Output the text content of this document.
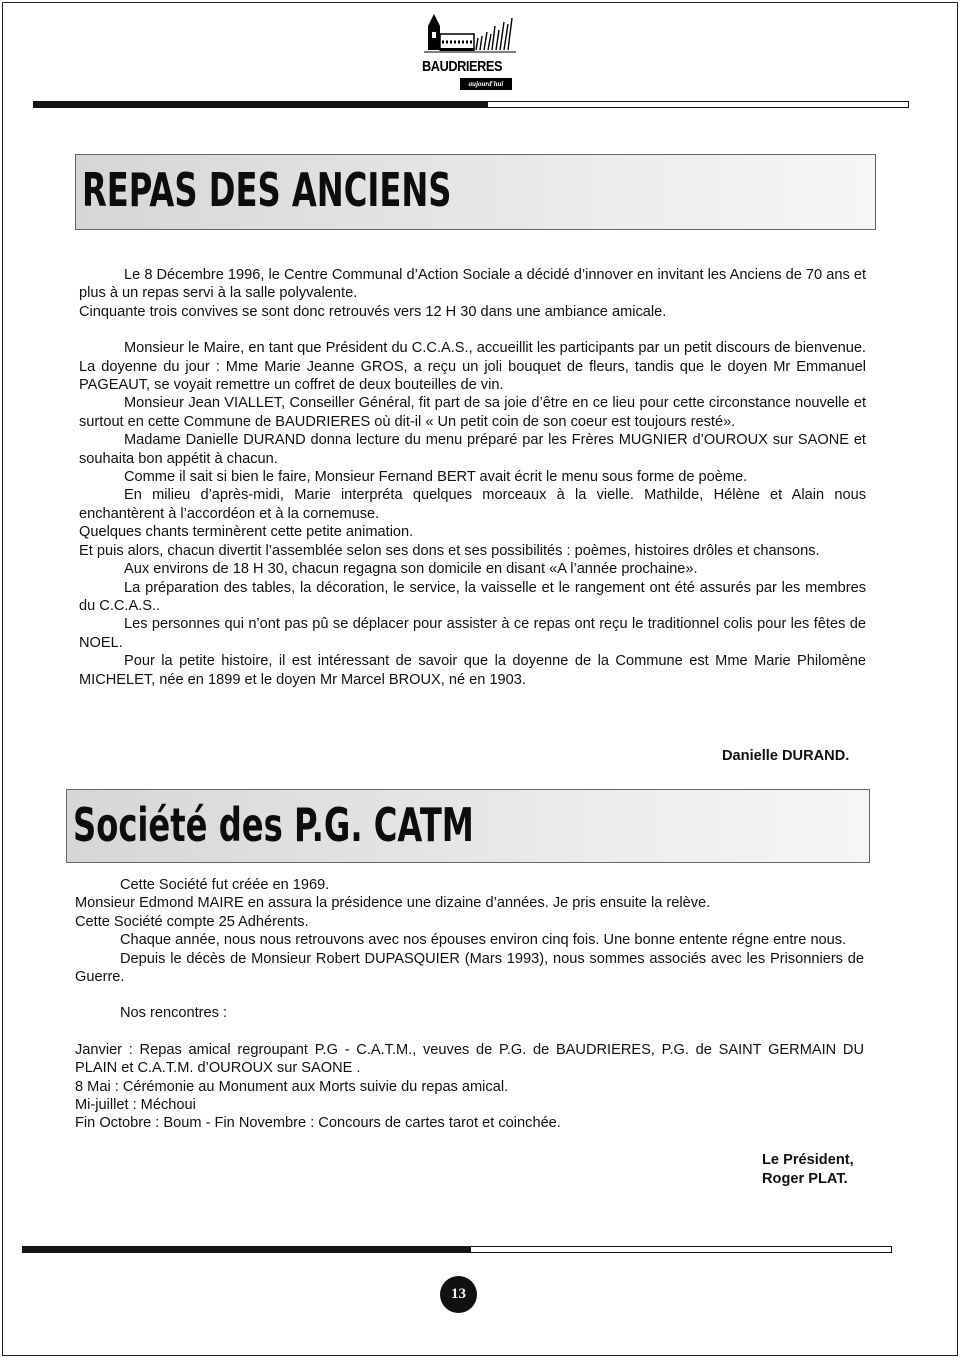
BAUDRIERES
aujourd'hui
REPAS DES ANCIENS

Le 8 Décembre 1996, le Centre Communal d’Action Sociale a décidé d’innover en invitant les Anciens de 70 ans et plus à un repas servi à la salle polyvalente.

Cinquante trois convives se sont donc retrouvés vers 12 H 30 dans une ambiance amicale.

Monsieur le Maire, en tant que Président du C.C.A.S., accueillit les participants par un petit discours de bienvenue. La doyenne du jour : Mme Marie Jeanne GROS, a reçu un joli bouquet de fleurs, tandis que le doyen Mr Emmanuel PAGEAUT, se voyait remettre un coffret de deux bouteilles de vin.

Monsieur Jean VIALLET, Conseiller Général, fit part de sa joie d’être en ce lieu pour cette circonstance nouvelle et surtout en cette Commune de BAUDRIERES où dit-il « Un petit coin de son coeur est toujours resté».

Madame Danielle DURAND donna lecture du menu préparé par les Frères MUGNIER d’OUROUX sur SAONE et souhaita bon appétit à chacun.

Comme il sait si bien le faire, Monsieur Fernand BERT avait écrit le menu sous forme de poème.

En milieu d’après-midi, Marie interpréta quelques morceaux à la vielle. Mathilde, Hélène et Alain nous enchantèrent à l’accordéon et à la cornemuse.

Quelques chants terminèrent cette petite animation.

Et puis alors, chacun divertit l’assemblée selon ses dons et ses possibilités : poèmes, histoires drôles et chansons.

Aux environs de 18 H 30, chacun regagna son domicile en disant «A l’année prochaine».

La préparation des tables, la décoration, le service, la vaisselle et le rangement ont été assurés par les membres du C.C.A.S..

Les personnes qui n’ont pas pû se déplacer pour assister à ce repas ont reçu le traditionnel colis pour les fêtes de NOEL.

Pour la petite histoire, il est intéressant de savoir que la doyenne de la Commune est Mme Marie Philomène MICHELET, née en 1899 et le doyen Mr Marcel BROUX, né en 1903.

Danielle DURAND.
Société des P.G. CATM

Cette Société fut créée en 1969.

Monsieur Edmond MAIRE en assura la présidence une dizaine d’années. Je pris ensuite la relève.

Cette Société compte 25 Adhérents.

Chaque année, nous nous retrouvons avec nos épouses environ cinq fois. Une bonne entente régne entre nous.

Depuis le décès de Monsieur Robert DUPASQUIER (Mars 1993), nous sommes associés avec les Prisonniers de Guerre.

Nos rencontres :

Janvier : Repas amical regroupant P.G - C.A.T.M., veuves de P.G. de BAUDRIERES, P.G. de SAINT GERMAIN DU PLAIN et C.A.T.M. d’OUROUX sur SAONE .

8 Mai : Cérémonie au Monument aux Morts suivie du repas amical.

Mi-juillet : Méchoui

Fin Octobre : Boum - Fin Novembre : Concours de cartes tarot et coinchée.

Le Président,
Roger PLAT.
13
